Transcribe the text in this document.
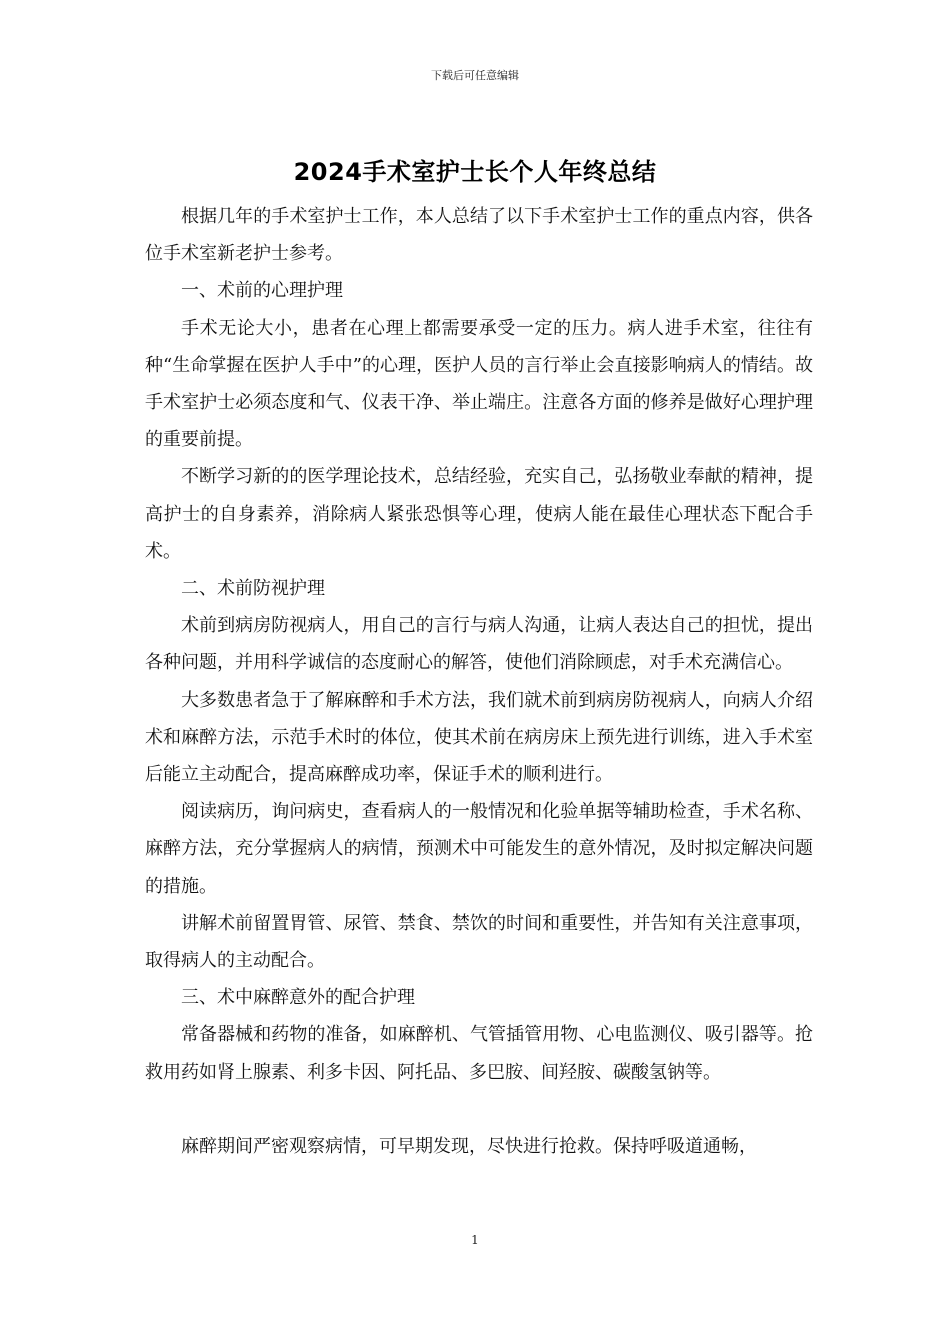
下载后可任意编辑
2024手术室护士长个人年终总结

根据几年的手术室护士工作，本人总结了以下手术室护士工作的重点内容，供各位手术室新老护士参考。

一、术前的心理护理

手术无论大小，患者在心理上都需要承受一定的压力。病人进手术室，往往有种“生命掌握在医护人手中”的心理，医护人员的言行举止会直接影响病人的情结。故手术室护士必须态度和气、仪表干净、举止端庄。注意各方面的修养是做好心理护理的重要前提。

不断学习新的的医学理论技术，总结经验，充实自己，弘扬敬业奉献的精神，提高护士的自身素养，消除病人紧张恐惧等心理，使病人能在最佳心理状态下配合手术。

二、术前防视护理

术前到病房防视病人，用自己的言行与病人沟通，让病人表达自己的担忧，提出各种问题，并用科学诚信的态度耐心的解答，使他们消除顾虑，对手术充满信心。

大多数患者急于了解麻醉和手术方法，我们就术前到病房防视病人，向病人介绍术和麻醉方法，示范手术时的体位，使其术前在病房床上预先进行训练，进入手术室后能立主动配合，提高麻醉成功率，保证手术的顺利进行。

阅读病历，询问病史，查看病人的一般情况和化验单据等辅助检查，手术名称、麻醉方法，充分掌握病人的病情，预测术中可能发生的意外情况，及时拟定解决问题的措施。

讲解术前留置胃管、尿管、禁食、禁饮的时间和重要性，并告知有关注意事项，取得病人的主动配合。

三、术中麻醉意外的配合护理

常备器械和药物的准备，如麻醉机、气管插管用物、心电监测仪、吸引器等。抢救用药如肾上腺素、利多卡因、阿托品、多巴胺、间羟胺、碳酸氢钠等。

麻醉期间严密观察病情，可早期发现，尽快进行抢救。保持呼吸道通畅，

1
